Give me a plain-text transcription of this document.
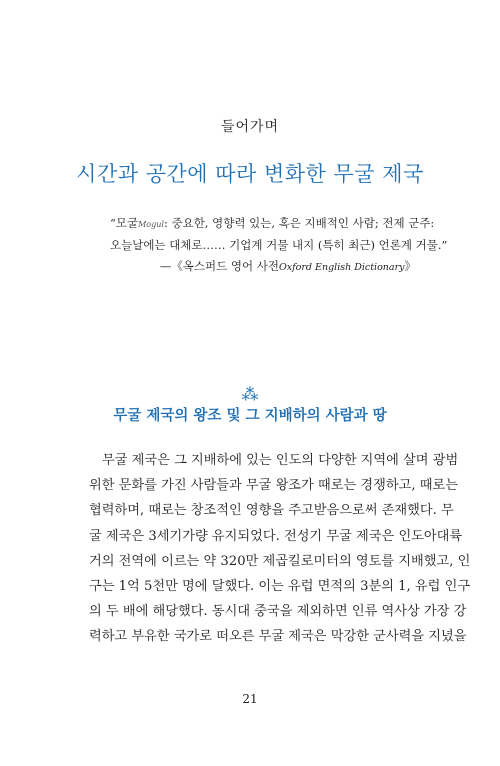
들어가며
시간과 공간에 따라 변화한 무굴 제국
“모굴Mogul: 중요한, 영향력 있는, 혹은 지배적인 사람; 전제 군주:
오늘날에는 대체로…… 기업계 거물 내지 (특히 최근) 언론계 거물.”
—《옥스퍼드 영어 사전Oxford English Dictionary》
⁂
무굴 제국의 왕조 및 그 지배하의 사람과 땅
무굴 제국은 그 지배하에 있는 인도의 다양한 지역에 살며 광범
위한 문화를 가진 사람들과 무굴 왕조가 때로는 경쟁하고, 때로는
협력하며, 때로는 창조적인 영향을 주고받음으로써 존재했다. 무
굴 제국은 3세기가량 유지되었다. 전성기 무굴 제국은 인도아대륙
거의 전역에 이르는 약 320만 제곱킬로미터의 영토를 지배했고, 인
구는 1억 5천만 명에 달했다. 이는 유럽 면적의 3분의 1, 유럽 인구
의 두 배에 해당했다. 동시대 중국을 제외하면 인류 역사상 가장 강
력하고 부유한 국가로 떠오른 무굴 제국은 막강한 군사력을 지녔을
21
